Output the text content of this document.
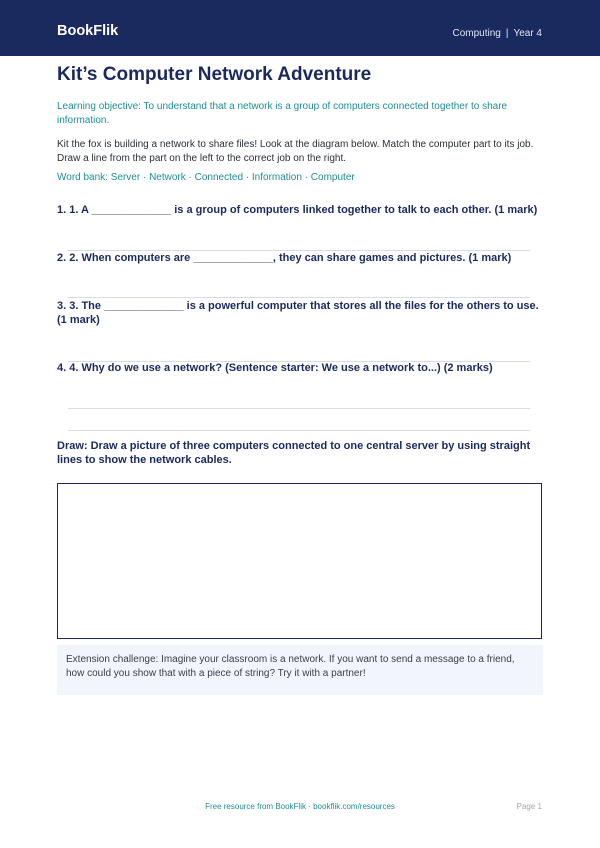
BookFlik	Computing | Year 4
Kit’s Computer Network Adventure
Learning objective: To understand that a network is a group of computers connected together to share information.
Kit the fox is building a network to share files! Look at the diagram below. Match the computer part to its job. Draw a line from the part on the left to the correct job on the right.
Word bank: Server · Network · Connected · Information · Computer
1. 1. A _____________ is a group of computers linked together to talk to each other. (1 mark)
2. 2. When computers are _____________, they can share games and pictures. (1 mark)
3. 3. The _____________ is a powerful computer that stores all the files for the others to use. (1 mark)
4. 4. Why do we use a network? (Sentence starter: We use a network to...) (2 marks)
Draw: Draw a picture of three computers connected to one central server by using straight lines to show the network cables.
Extension challenge: Imagine your classroom is a network. If you want to send a message to a friend, how could you show that with a piece of string? Try it with a partner!
Free resource from BookFlik · bookflik.com/resources	Page 1
